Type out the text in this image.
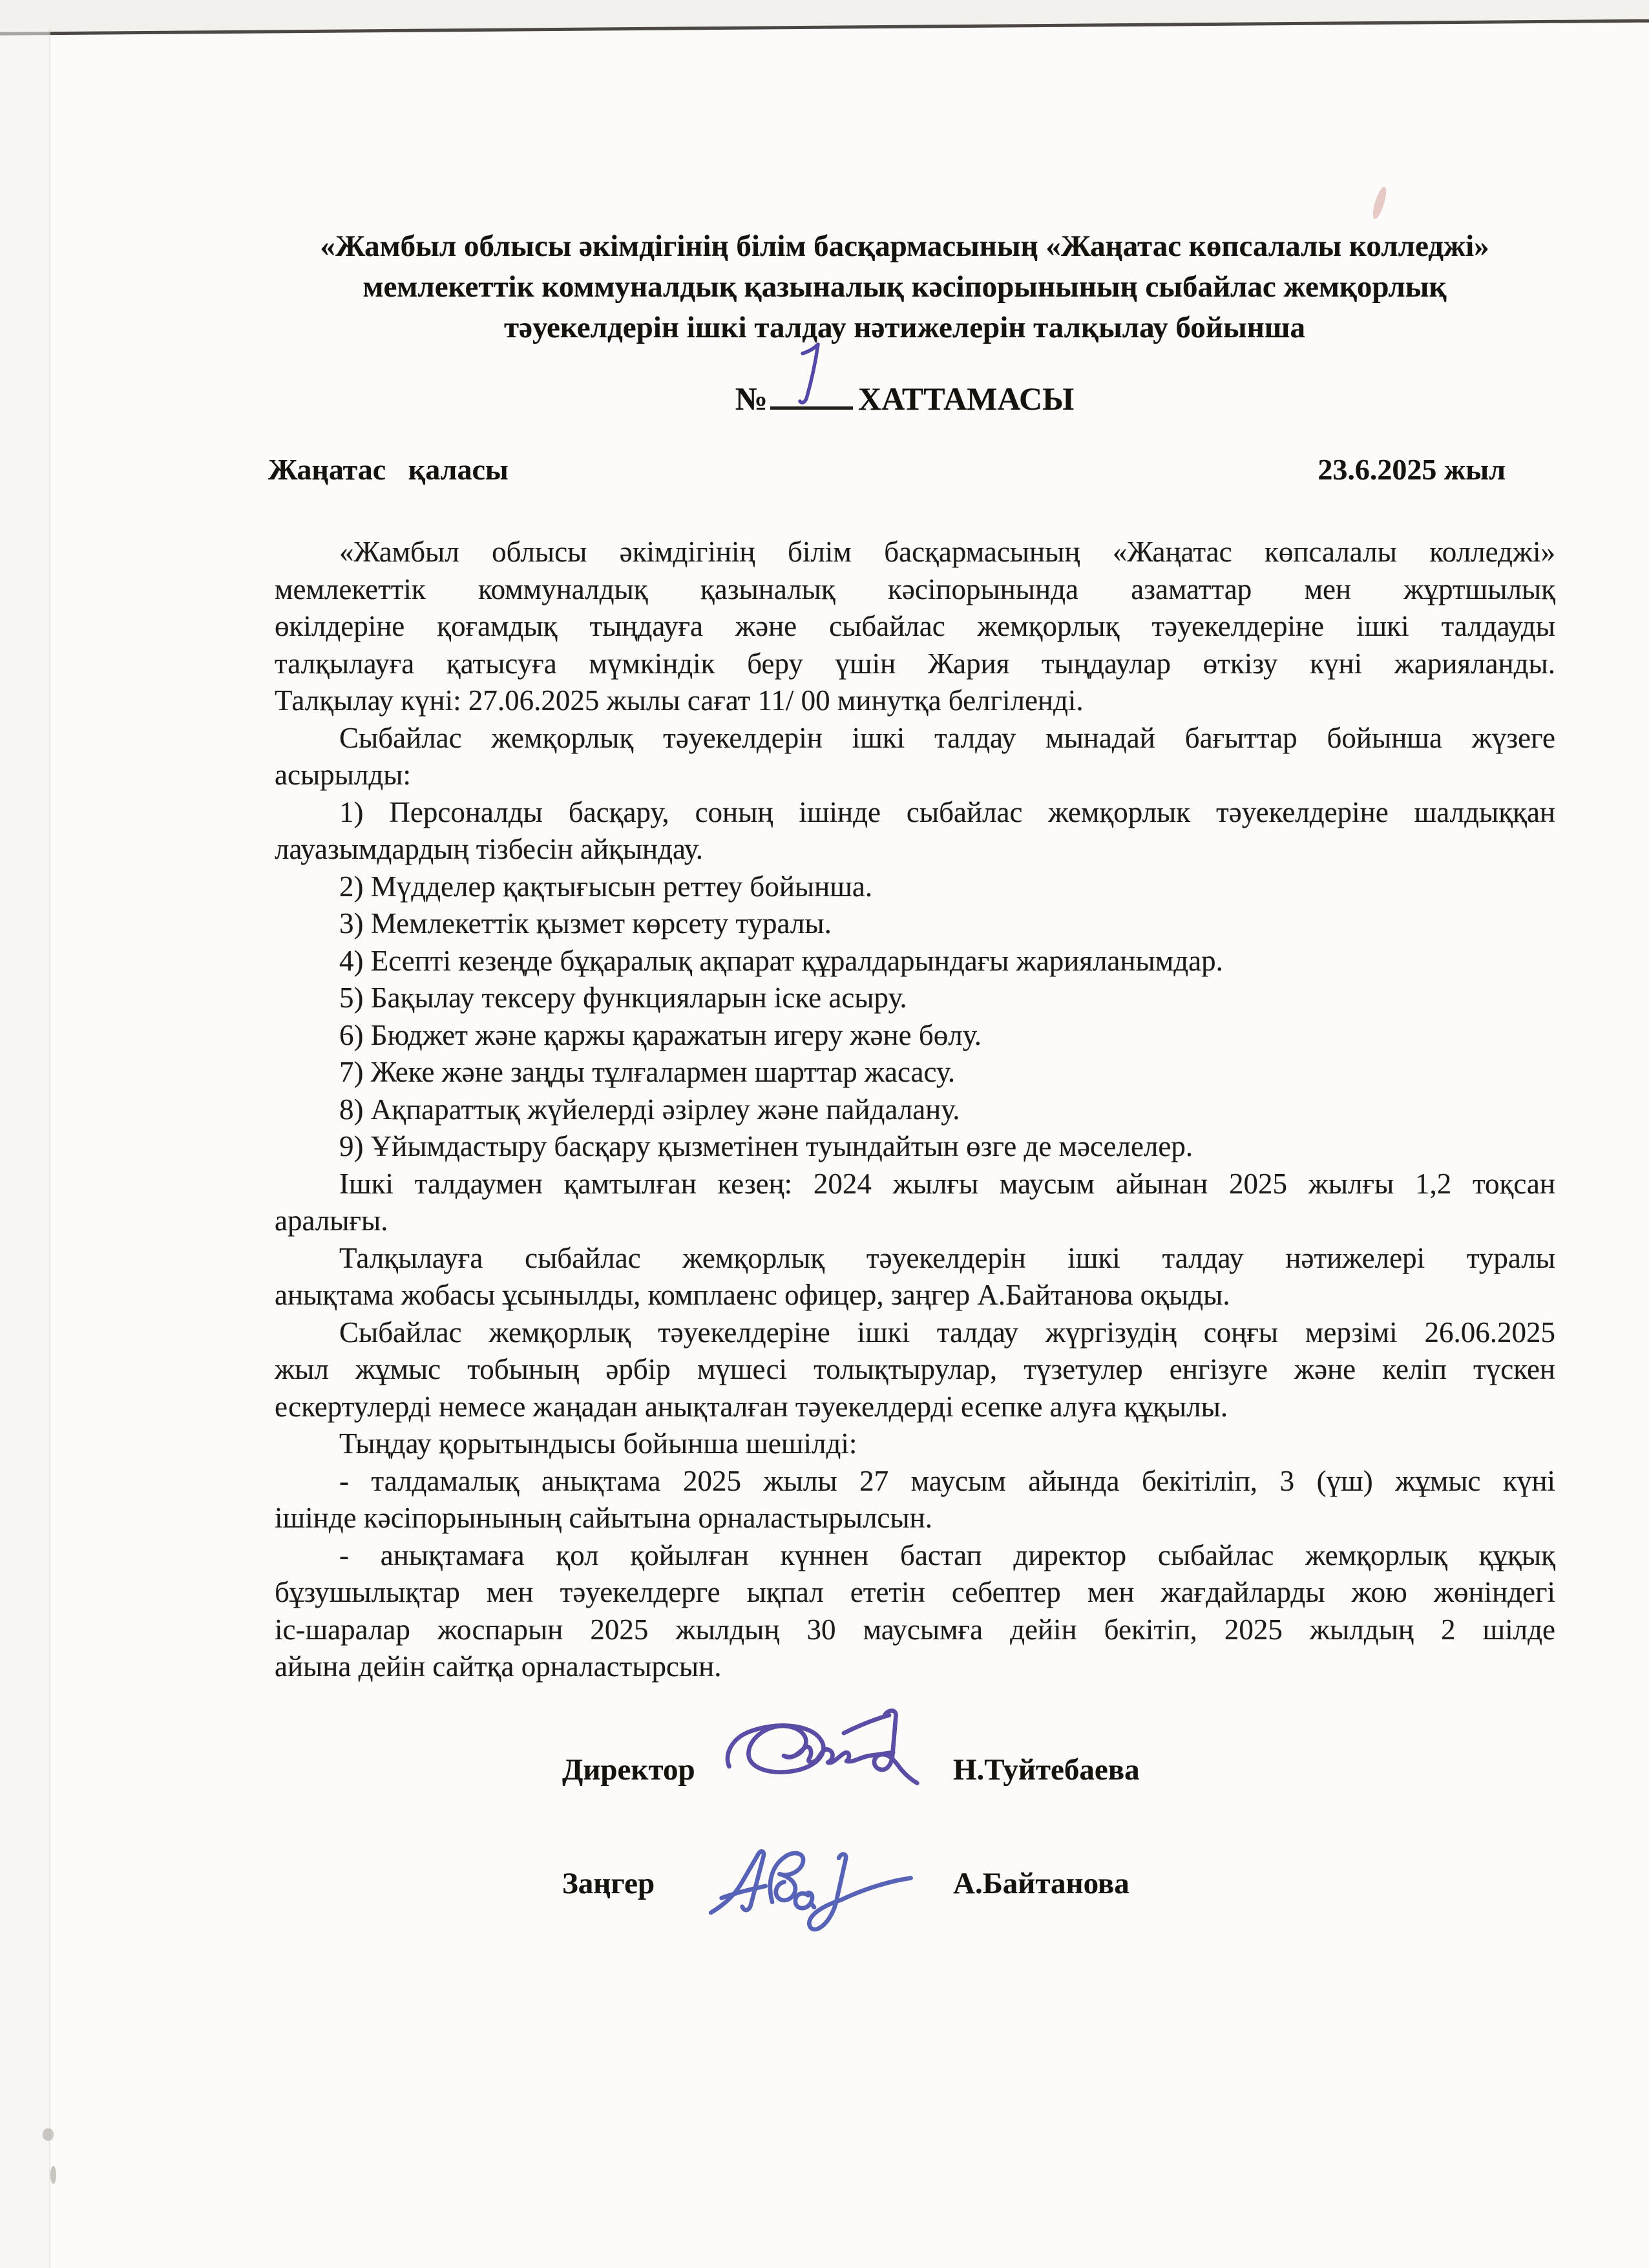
«Жамбыл облысы әкімдігінің білім басқармасының «Жаңатас көпсалалы колледжі»
мемлекеттік коммуналдық қазыналық кәсіпорынының сыбайлас жемқорлық
тәуекелдерін ішкі талдау нәтижелерін талқылау бойынша
№	ХАТТАМАСЫ
Жаңатас   қаласы	23.6.2025 жыл
«Жамбыл облысы әкімдігінің білім басқармасының «Жаңатас көпсалалы колледжі»
мемлекеттік коммуналдық қазыналық кәсіпорынында азаматтар мен жұртшылық
өкілдеріне қоғамдық тыңдауға және сыбайлас жемқорлық тәуекелдеріне ішкі талдауды
талқылауға қатысуға мүмкіндік беру үшін Жария тыңдаулар өткізу күні жарияланды.
Талқылау күні: 27.06.2025 жылы сағат 11/ 00 минутқа белгіленді.
Сыбайлас жемқорлық тәуекелдерін ішкі талдау мынадай бағыттар бойынша жүзеге
асырылды:
1) Персоналды басқару, соның ішінде сыбайлас жемқорлык тәуекелдеріне шалдыққан
лауазымдардың тізбесін айқындау.
2) Мүдделер қақтығысын реттеу бойынша.
3) Мемлекеттік қызмет көрсету туралы.
4) Есепті кезеңде бұқаралық ақпарат құралдарындағы жарияланымдар.
5) Бақылау тексеру функцияларын іске асыру.
6) Бюджет және қаржы қаражатын игеру және бөлу.
7) Жеке және заңды тұлғалармен шарттар жасасу.
8) Ақпараттық жүйелерді әзірлеу және пайдалану.
9) Ұйымдастыру басқару қызметінен туындайтын өзге де мәселелер.
Ішкі талдаумен қамтылған кезең: 2024 жылғы маусым айынан 2025 жылғы 1,2 тоқсан
аралығы.
Талқылауға сыбайлас жемқорлық тәуекелдерін ішкі талдау нәтижелері туралы
анықтама жобасы ұсынылды, комплаенс офицер, заңгер А.Байтанова оқыды.
Сыбайлас жемқорлық тәуекелдеріне ішкі талдау жүргізудің соңғы мерзімі 26.06.2025
жыл жұмыс тобының әрбір мүшесі толықтырулар, түзетулер енгізуге және келіп түскен
ескертулерді немесе жаңадан анықталған тәуекелдерді есепке алуға құқылы.
Тыңдау қорытындысы бойынша шешілді:
- талдамалық анықтама 2025 жылы 27 маусым айында бекітіліп, 3 (үш) жұмыс күні
ішінде кәсіпорынының сайытына орналастырылсын.
- анықтамаға қол қойылған күннен бастап директор сыбайлас жемқорлық құқық
бұзушылықтар мен тәуекелдерге ықпал ететін себептер мен жағдайларды жою жөніндегі
іс-шаралар жоспарын 2025 жылдың 30 маусымға дейін бекітіп, 2025 жылдың 2 шілде
айына дейін сайтқа орналастырсын.
Директор	Н.Туйтебаева
Заңгер	А.Байтанова
